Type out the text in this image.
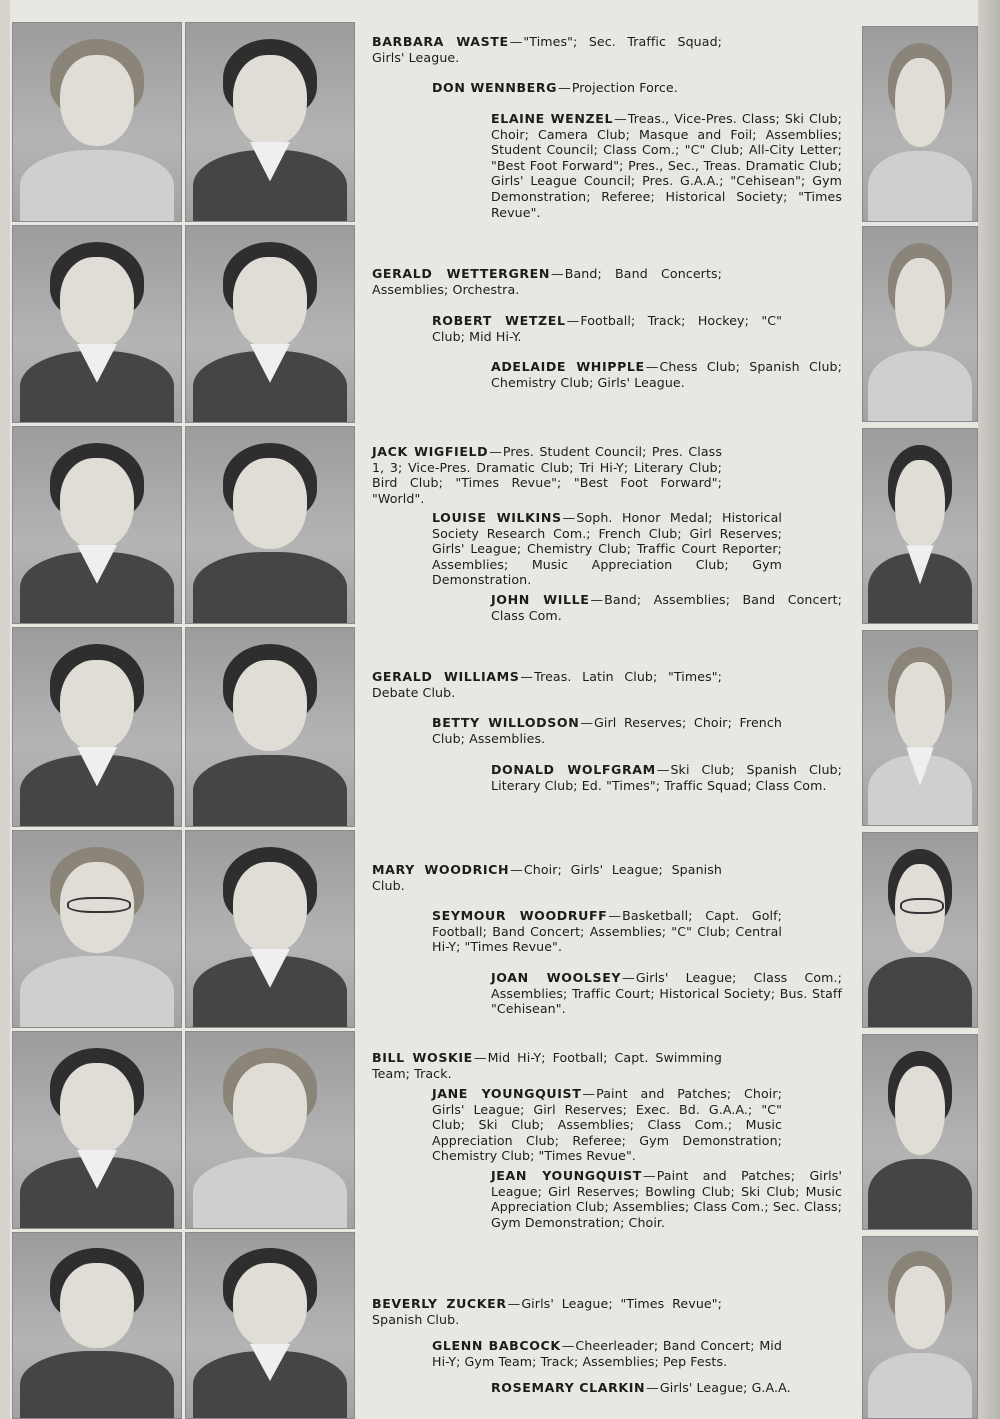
BARBARA WASTE—"Times"; Sec. Traffic Squad; Girls' League.

DON WENNBERG—Projection Force.

ELAINE WENZEL—Treas., Vice-Pres. Class; Ski Club; Choir; Camera Club; Masque and Foil; Assemblies; Student Council; Class Com.; "C" Club; All-City Letter; "Best Foot Forward"; Pres., Sec., Treas. Dramatic Club; Girls' League Council; Pres. G.A.A.; "Cehisean"; Gym Demonstration; Referee; Historical Society; "Times Revue".

GERALD WETTERGREN—Band; Band Concerts; Assemblies; Orchestra.

ROBERT WETZEL—Football; Track; Hockey; "C" Club; Mid Hi-Y.

ADELAIDE WHIPPLE—Chess Club; Spanish Club; Chemistry Club; Girls' League.

JACK WIGFIELD—Pres. Student Council; Pres. Class 1, 3; Vice-Pres. Dramatic Club; Tri Hi-Y; Literary Club; Bird Club; "Times Revue"; "Best Foot Forward"; "World".

LOUISE WILKINS—Soph. Honor Medal; Historical Society Research Com.; French Club; Girl Reserves; Girls' League; Chemistry Club; Traffic Court Reporter; Assemblies; Music Appreciation Club; Gym Demonstration.

JOHN WILLE—Band; Assemblies; Band Concert; Class Com.

GERALD WILLIAMS—Treas. Latin Club; "Times"; Debate Club.

BETTY WILLODSON—Girl Reserves; Choir; French Club; Assemblies.

DONALD WOLFGRAM—Ski Club; Spanish Club; Literary Club; Ed. "Times"; Traffic Squad; Class Com.

MARY WOODRICH—Choir; Girls' League; Spanish Club.

SEYMOUR WOODRUFF—Basketball; Capt. Golf; Football; Band Concert; Assemblies; "C" Club; Central Hi-Y; "Times Revue".

JOAN WOOLSEY—Girls' League; Class Com.; Assemblies; Traffic Court; Historical Society; Bus. Staff "Cehisean".

BILL WOSKIE—Mid Hi-Y; Football; Capt. Swimming Team; Track.

JANE YOUNGQUIST—Paint and Patches; Choir; Girls' League; Girl Reserves; Exec. Bd. G.A.A.; "C" Club; Ski Club; Assemblies; Class Com.; Music Appreciation Club; Referee; Gym Demonstration; Chemistry Club; "Times Revue".

JEAN YOUNGQUIST—Paint and Patches; Girls' League; Girl Reserves; Bowling Club; Ski Club; Music Appreciation Club; Assemblies; Class Com.; Sec. Class; Gym Demonstration; Choir.

BEVERLY ZUCKER—Girls' League; "Times Revue"; Spanish Club.

GLENN BABCOCK—Cheerleader; Band Concert; Mid Hi-Y; Gym Team; Track; Assemblies; Pep Fests.

ROSEMARY CLARKIN—Girls' League; G.A.A.
